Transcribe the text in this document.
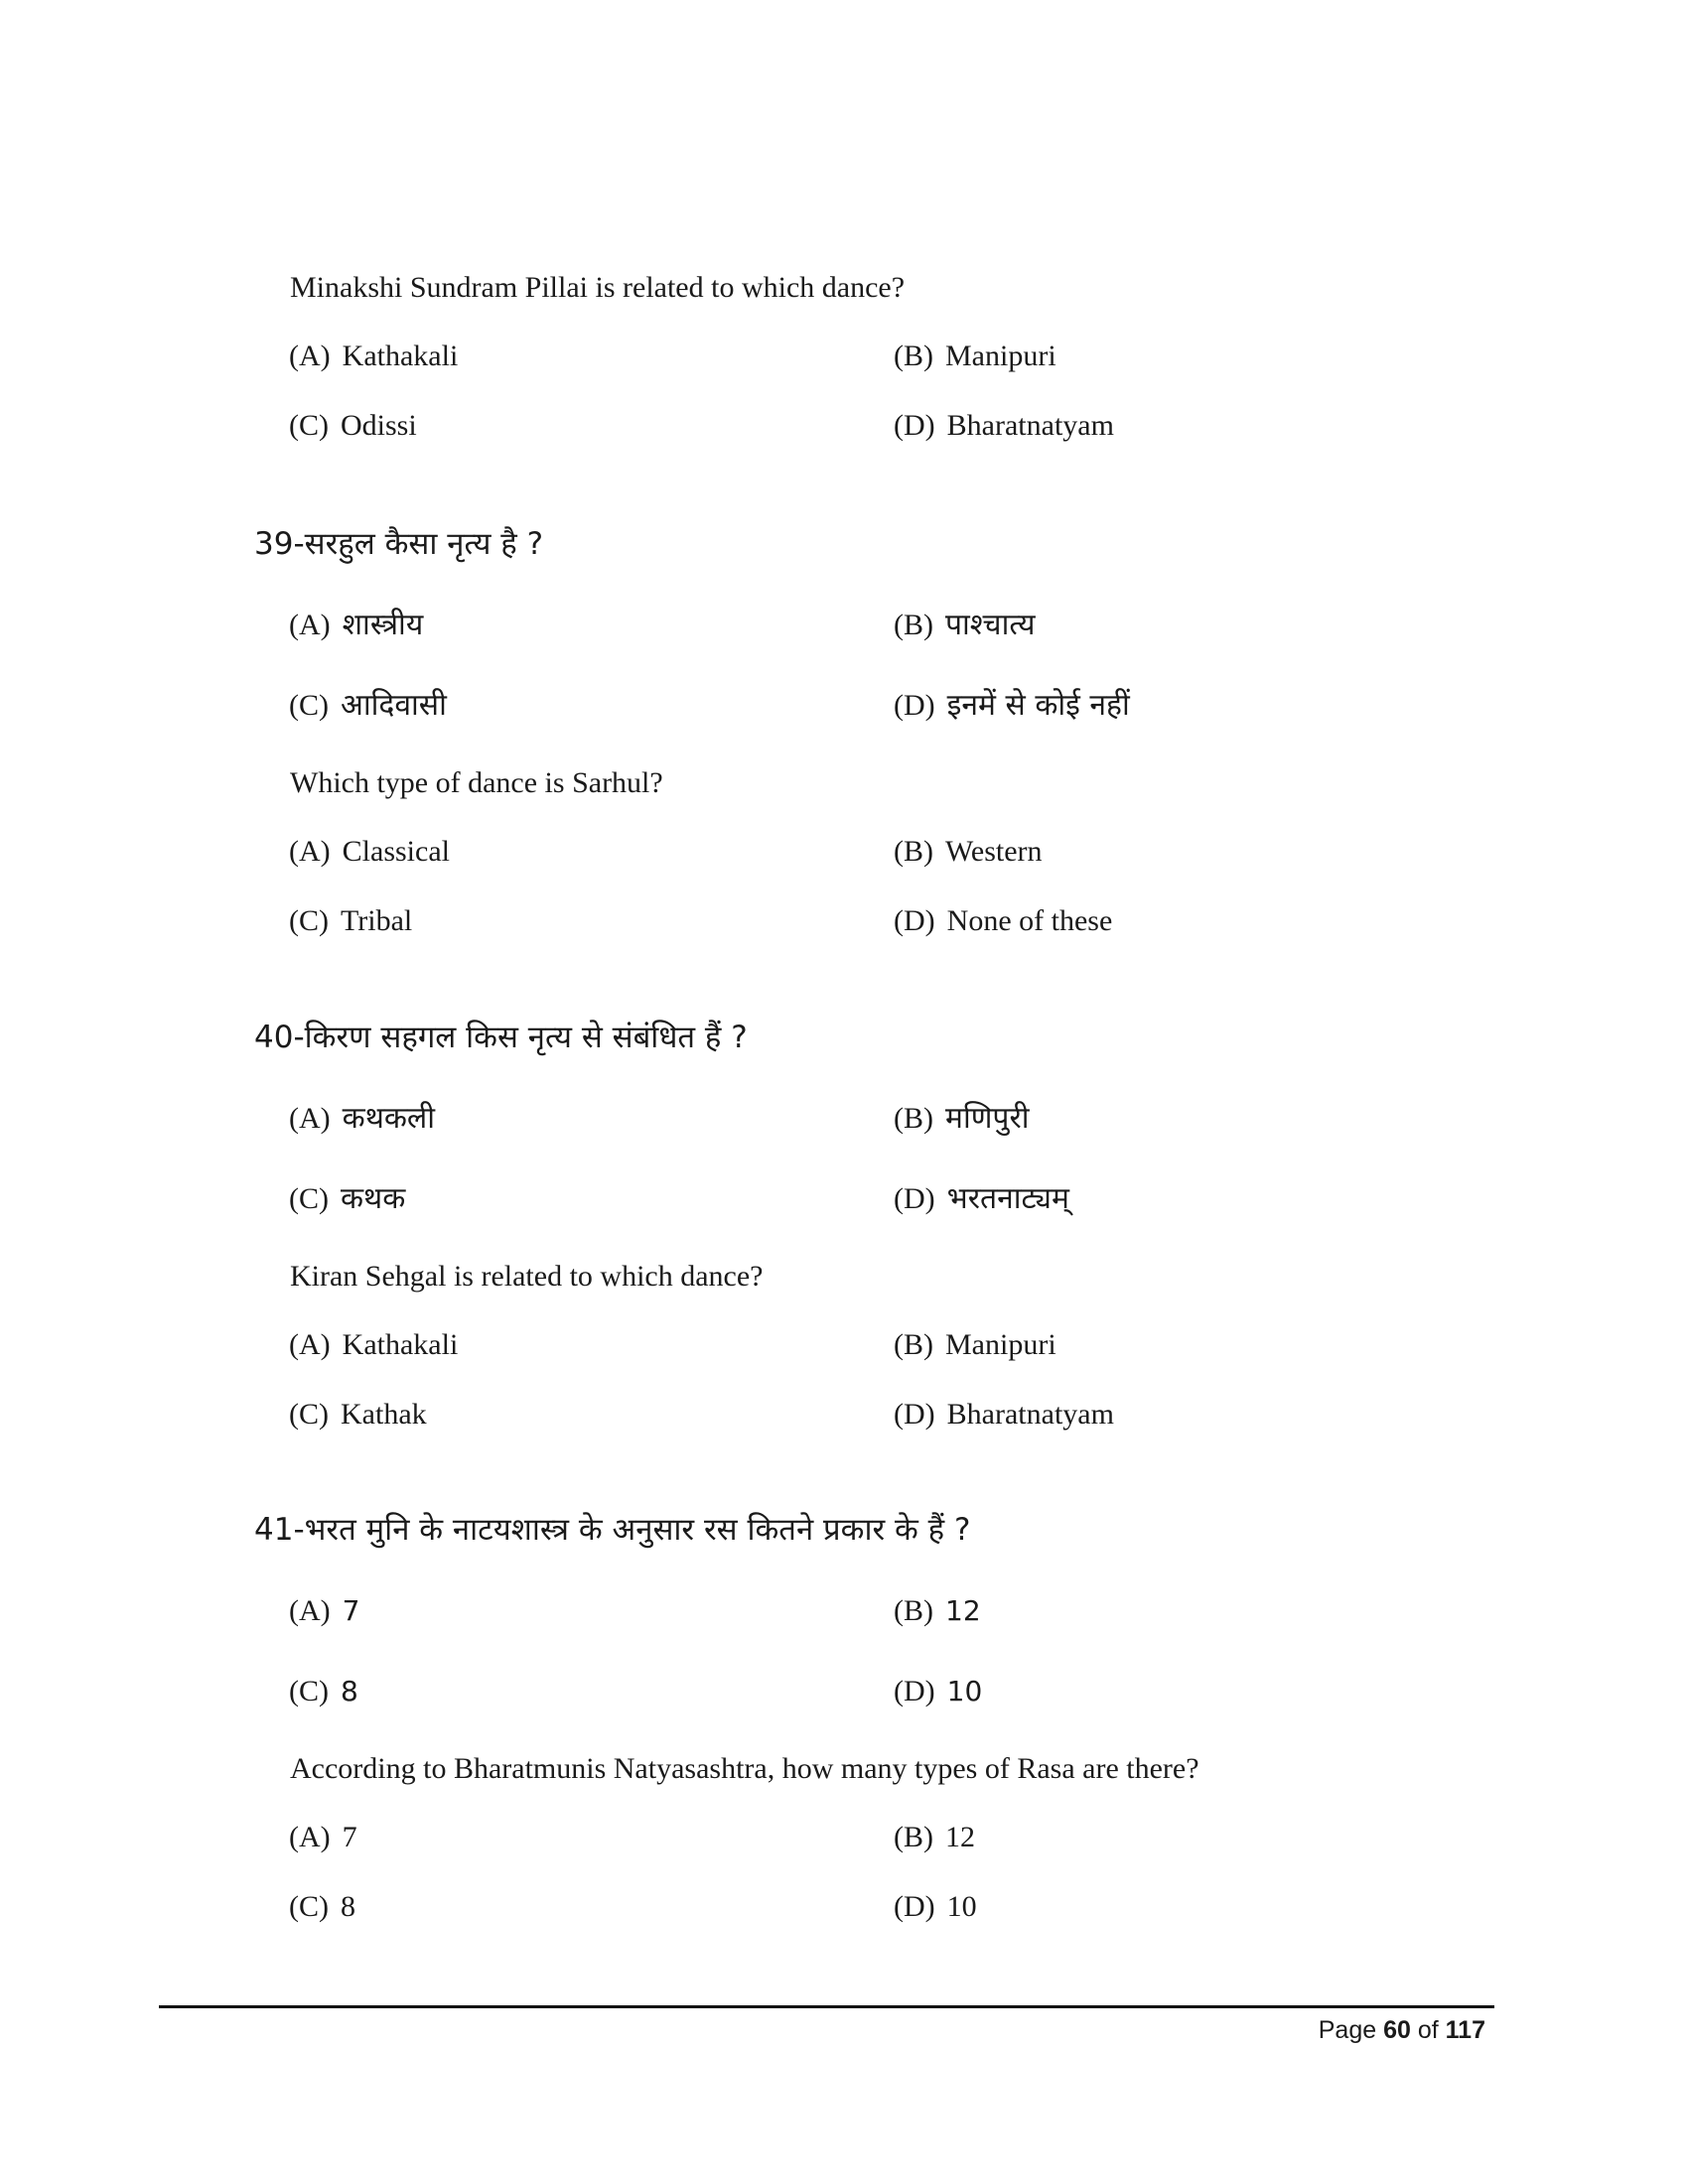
Minakshi Sundram Pillai is related to which dance?
(A) Kathakali	(B) Manipuri
(C) Odissi	(D) Bharatnatyam
39-सरहुल कैसा नृत्य है ?
(A) शास्त्रीय	(B) पाश्चात्य
(C) आदिवासी	(D) इनमें से कोई नहीं
Which type of dance is Sarhul?
(A) Classical	(B) Western
(C) Tribal	(D) None of these
40-किरण सहगल किस नृत्य से संबंधित हैं ?
(A) कथकली	(B) मणिपुरी
(C) कथक	(D) भरतनाट्यम्
Kiran Sehgal is related to which dance?
(A) Kathakali	(B) Manipuri
(C) Kathak	(D) Bharatnatyam
41-भरत मुनि के नाटयशास्त्र के अनुसार रस कितने प्रकार के हैं ?
(A) 7	(B) 12
(C) 8	(D) 10
According to Bharatmunis Natyasashtra, how many types of Rasa are there?
(A) 7	(B) 12
(C) 8	(D) 10
Page 60 of 117
